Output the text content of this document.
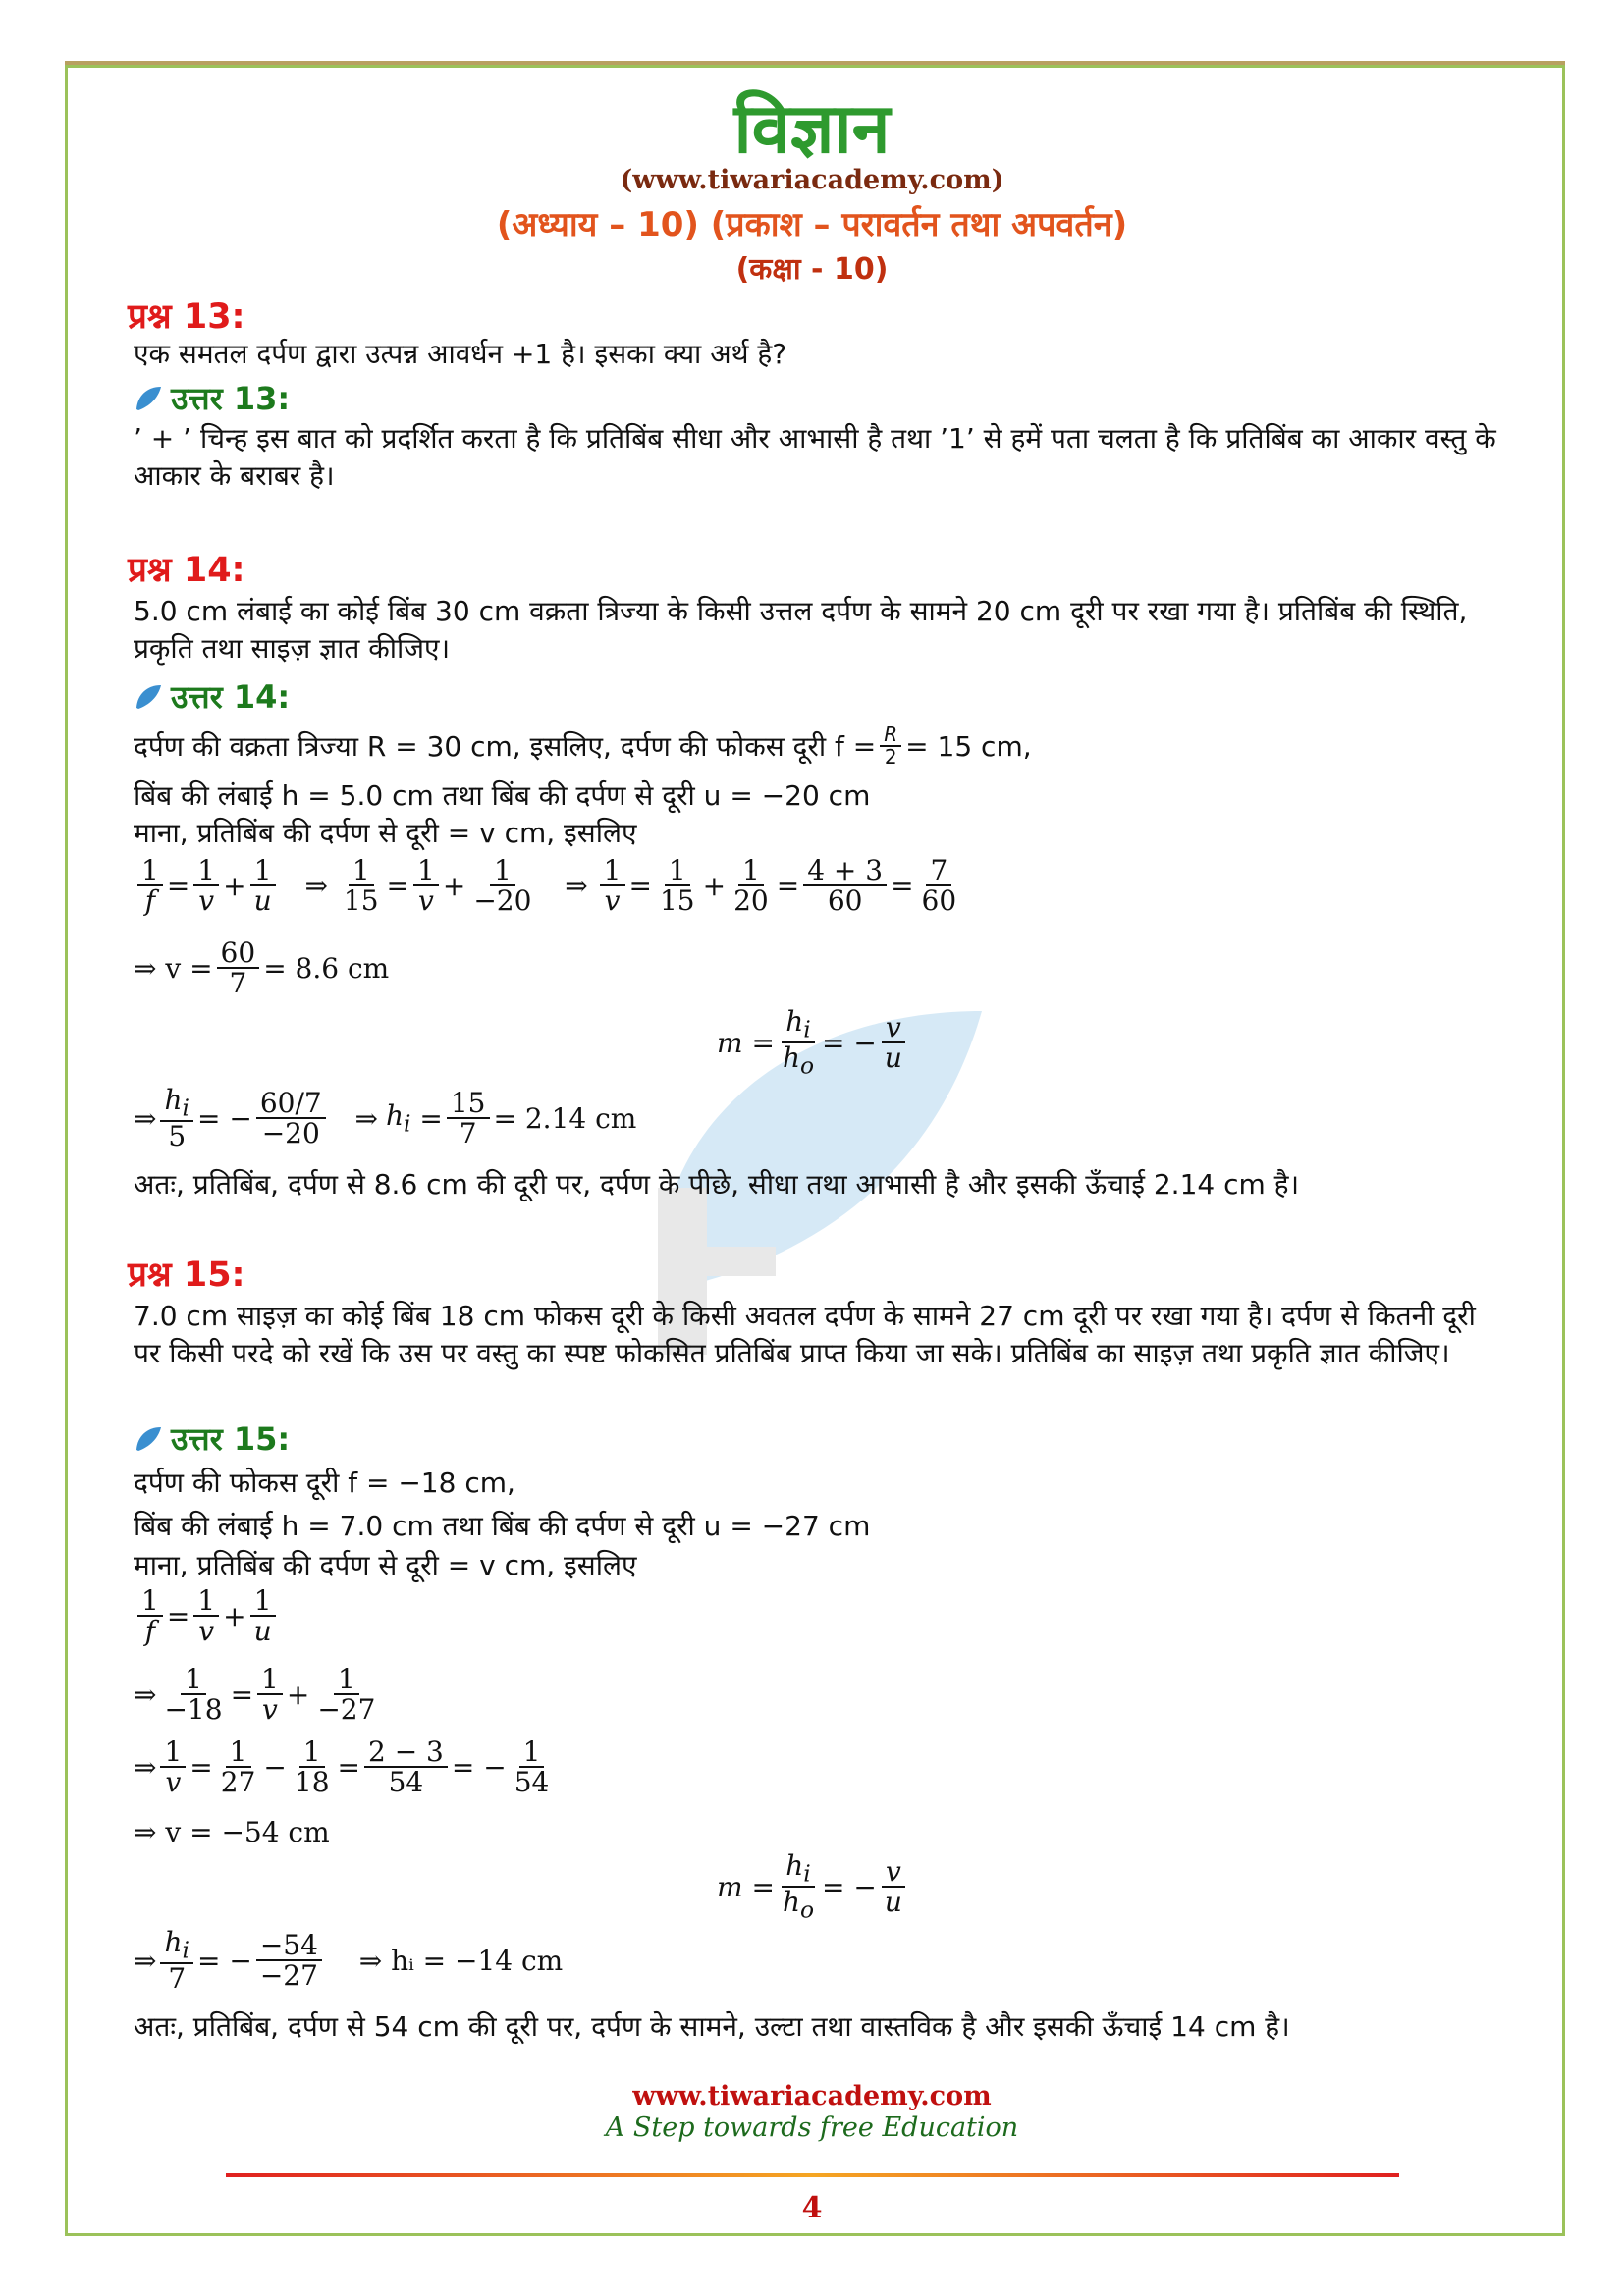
विज्ञान
(www.tiwariacademy.com)
(अध्याय – 10) (प्रकाश – परावर्तन तथा अपवर्तन)
(कक्षा - 10)
प्रश्न 13:
एक समतल दर्पण द्वारा उत्पन्न आवर्धन +1 है। इसका क्या अर्थ है?
उत्तर 13:
’ + ’ चिन्ह इस बात को प्रदर्शित करता है कि प्रतिबिंब सीधा और आभासी है तथा ’1’ से हमें पता चलता है कि प्रतिबिंब का आकार वस्तु के आकार के बराबर है।
प्रश्न 14:
5.0 cm लंबाई का कोई बिंब 30 cm वक्रता त्रिज्या के किसी उत्तल दर्पण के सामने 20 cm दूरी पर रखा गया है। प्रतिबिंब की स्थिति, प्रकृति तथा साइज़ ज्ञात कीजिए।
उत्तर 14:
दर्पण की वक्रता त्रिज्या
R = 30 cm, इसलिए, दर्पण की फोकस दूरी
$f = \frac{R}{2} = 15$ cm,
बिंब की लंबाई h = 5.0 cm तथा बिंब की दर्पण से दूरी u = −20 cm
माना, प्रतिबिंब की दर्पण से दूरी = v cm, इसलिए
$\frac{1}{f} = \frac{1}{v} + \frac{1}{u}$ ⇒ $\frac{1}{15} = \frac{1}{v} + \frac{1}{-20}$ ⇒ $\frac{1}{v} = \frac{1}{15} + \frac{1}{20} = \frac{4 + 3}{60} = \frac{7}{60}$
⇒ $v = \frac{60}{7} = 8.6$ cm
$m = \frac{h_i}{h_o}$ = − $\frac{v}{u}$
⇒ $\frac{h_i}{5}$ = − $\frac{60/7}{-20}$ ⇒ $h_i = \frac{15}{7} = 2.14$ cm
अतः, प्रतिबिंब, दर्पण से 8.6 cm की दूरी पर, दर्पण के पीछे, सीधा तथा आभासी है और इसकी ऊँचाई 2.14 cm है।
प्रश्न 15:
7.0 cm साइज़ का कोई बिंब 18 cm फोकस दूरी के किसी अवतल दर्पण के सामने 27 cm दूरी पर रखा गया है। दर्पण से कितनी दूरी पर किसी परदे को रखें कि उस पर वस्तु का स्पष्ट फोकसित प्रतिबिंब प्राप्त किया जा सके। प्रतिबिंब का साइज़ तथा प्रकृति ज्ञात कीजिए।
उत्तर 15:
दर्पण की फोकस दूरी f = −18 cm,
बिंब की लंबाई h = 7.0 cm तथा बिंब की दर्पण से दूरी u = −27 cm
माना, प्रतिबिंब की दर्पण से दूरी = v cm, इसलिए
$\frac{1}{f} = \frac{1}{v} + \frac{1}{u}$
⇒ $\frac{1}{-18} = \frac{1}{v} + \frac{1}{-27}$
⇒ $\frac{1}{v} = \frac{1}{27} - \frac{1}{18} = \frac{2 - 3}{54}$ = − $\frac{1}{54}$
⇒ v = −54 cm
$m = \frac{h_i}{h_o}$ = − $\frac{v}{u}$
⇒ $\frac{h_i}{7}$ = − $\frac{-54}{-27}$
⇒ hᵢ = −14 cm
अतः, प्रतिबिंब, दर्पण से 54 cm की दूरी पर, दर्पण के सामने, उल्टा तथा वास्तविक है और इसकी ऊँचाई 14 cm है।
www.tiwariacademy.com
A Step towards free Education
4
